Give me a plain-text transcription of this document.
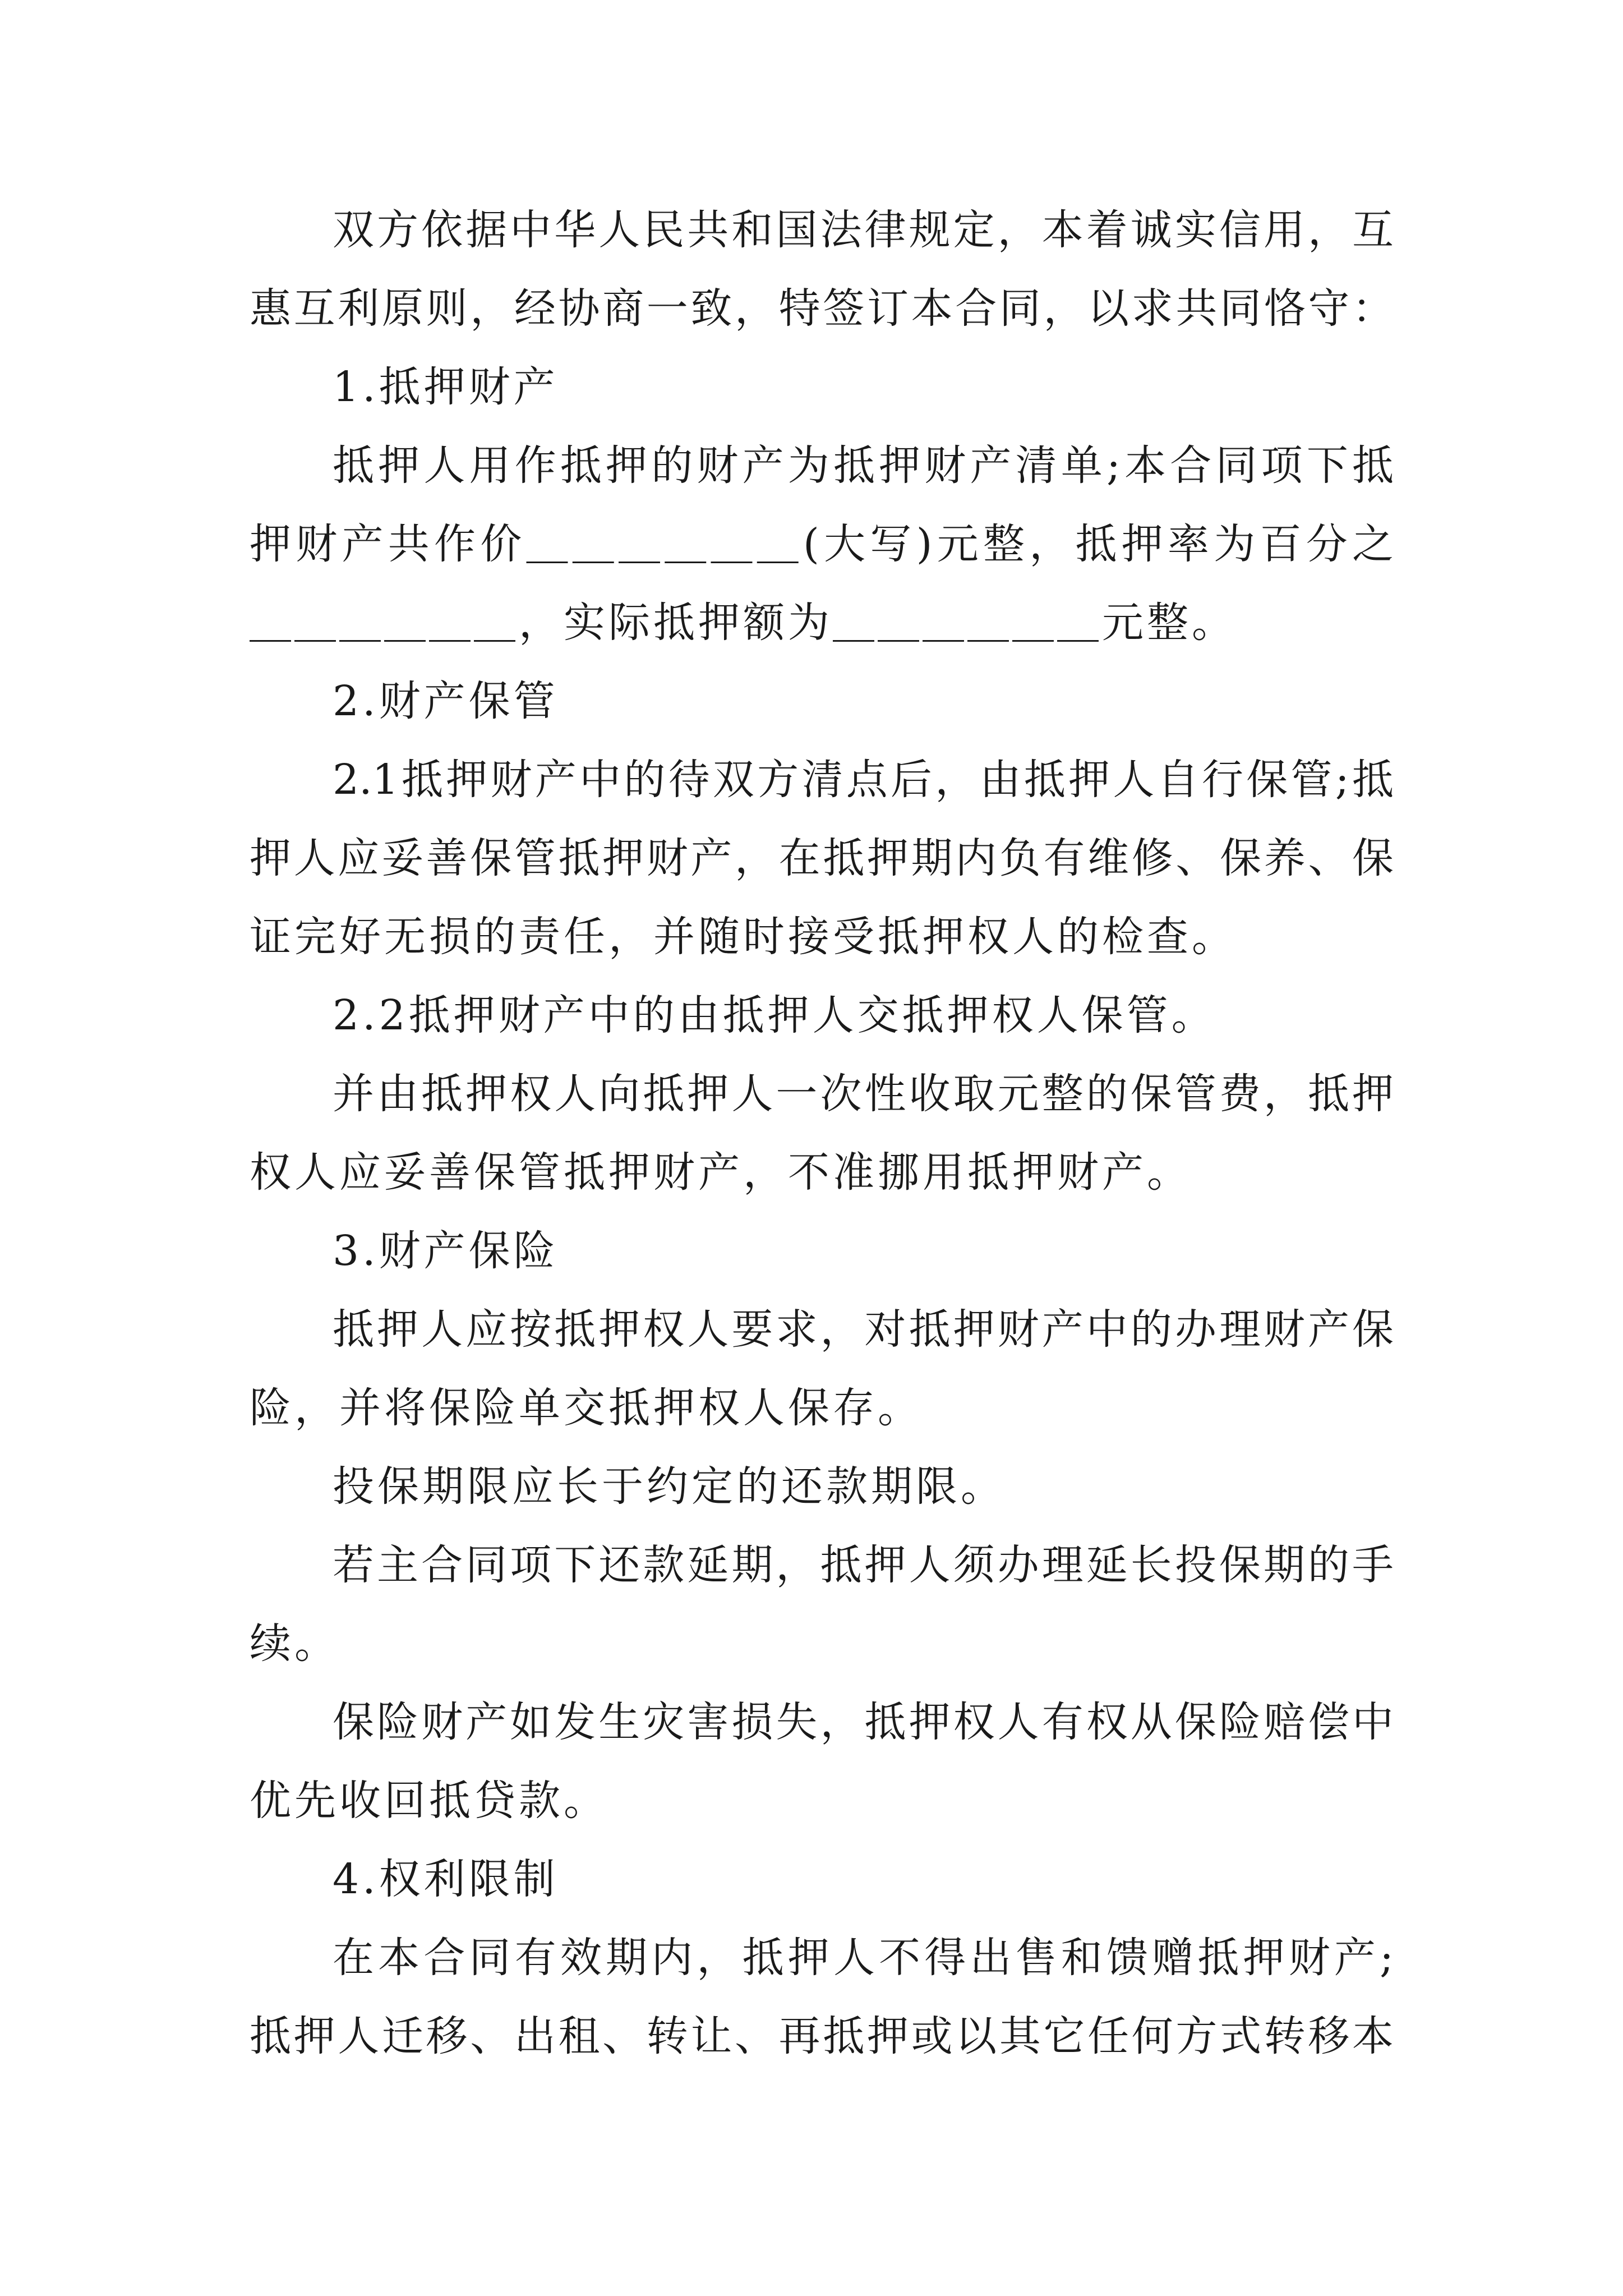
双方依据中华人民共和国法律规定，本着诚实信用，互
惠互利原则，经协商一致，特签订本合同，以求共同恪守：
1.抵押财产
抵押人用作抵押的财产为抵押财产清单;本合同项下抵
押财产共作价＿＿＿＿＿＿(大写)元整，抵押率为百分之
＿＿＿＿＿＿，实际抵押额为＿＿＿＿＿＿元整。
2.财产保管
2.1抵押财产中的待双方清点后，由抵押人自行保管;抵
押人应妥善保管抵押财产，在抵押期内负有维修、保养、保
证完好无损的责任，并随时接受抵押权人的检查。
2.2抵押财产中的由抵押人交抵押权人保管。
并由抵押权人向抵押人一次性收取元整的保管费，抵押
权人应妥善保管抵押财产，不准挪用抵押财产。
3.财产保险
抵押人应按抵押权人要求，对抵押财产中的办理财产保
险，并将保险单交抵押权人保存。
投保期限应长于约定的还款期限。
若主合同项下还款延期，抵押人须办理延长投保期的手
续。
保险财产如发生灾害损失，抵押权人有权从保险赔偿中
优先收回抵贷款。
4.权利限制
在本合同有效期内，抵押人不得出售和馈赠抵押财产;
抵押人迁移、出租、转让、再抵押或以其它任何方式转移本
